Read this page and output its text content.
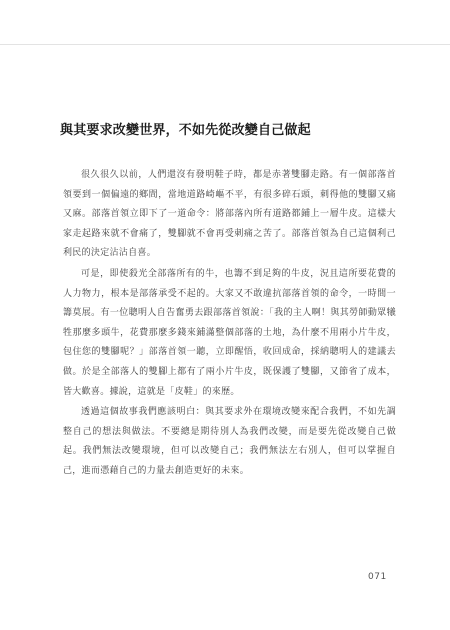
與其要求改變世界，不如先從改變自己做起

很久很久以前，人們還沒有發明鞋子時，都是赤著雙腳走路。有一個部落首領要到一個偏遠的鄉間，當地道路崎嶇不平，有很多碎石頭，刺得他的雙腳又痛又麻。部落首領立即下了一道命令：將部落內所有道路都鋪上一層牛皮。這樣大家走起路來就不會痛了，雙腳就不會再受刺痛之苦了。部落首領為自己這個利己利民的決定沾沾自喜。

可是，即使殺光全部落所有的牛，也籌不到足夠的牛皮，況且這所要花費的人力物力，根本是部落承受不起的。大家又不敢違抗部落首領的命令，一時間一籌莫展。有一位聰明人自告奮勇去跟部落首領說：「我的主人啊！與其勞師動眾犧牲那麼多頭牛，花費那麼多錢來鋪滿整個部落的土地，為什麼不用兩小片牛皮，包住您的雙腳呢？」部落首領一聽，立即醒悟，收回成命，採納聰明人的建議去做。於是全部落人的雙腳上都有了兩小片牛皮，既保護了雙腳，又節省了成本，皆大歡喜。據說，這就是「皮鞋」的來歷。

透過這個故事我們應該明白：與其要求外在環境改變來配合我們，不如先調整自己的想法與做法。不要總是期待別人為我們改變，而是要先從改變自己做起。我們無法改變環境，但可以改變自己；我們無法左右別人，但可以掌握自己，進而憑藉自己的力量去創造更好的未來。

071
